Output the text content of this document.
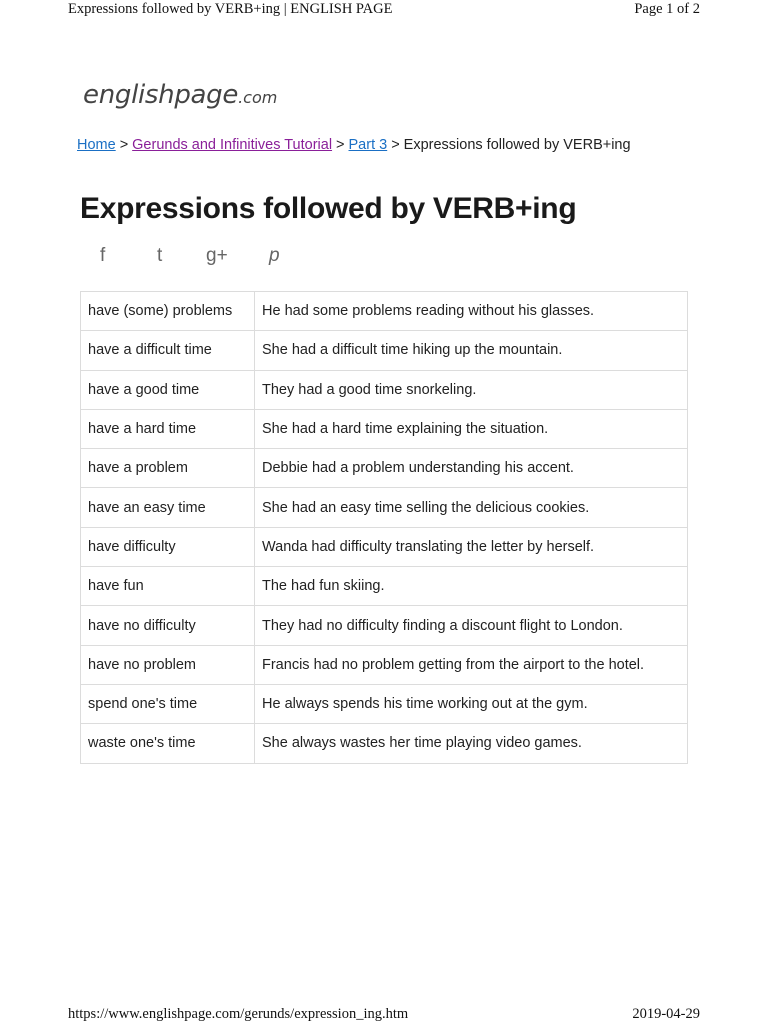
Expressions followed by VERB+ing | ENGLISH PAGE	Page 1 of 2
englishpage.com
Home > Gerunds and Infinitives Tutorial > Part 3 > Expressions followed by VERB+ing
Expressions followed by VERB+ing
f	t g+ p
have (some) problems	He had some problems reading without his glasses.
have a difficult time	She had a difficult time hiking up the mountain.
have a good time	They had a good time snorkeling.
have a hard time	She had a hard time explaining the situation.
have a problem	Debbie had a problem understanding his accent.
have an easy time	She had an easy time selling the delicious cookies.
have difficulty	Wanda had difficulty translating the letter by herself.
have fun	The had fun skiing.
have no difficulty	They had no difficulty finding a discount flight to London.
have no problem	Francis had no problem getting from the airport to the hotel.
spend one's time	He always spends his time working out at the gym.
waste one's time	She always wastes her time playing video games.
https://www.englishpage.com/gerunds/expression_ing.htm	2019-04-29
